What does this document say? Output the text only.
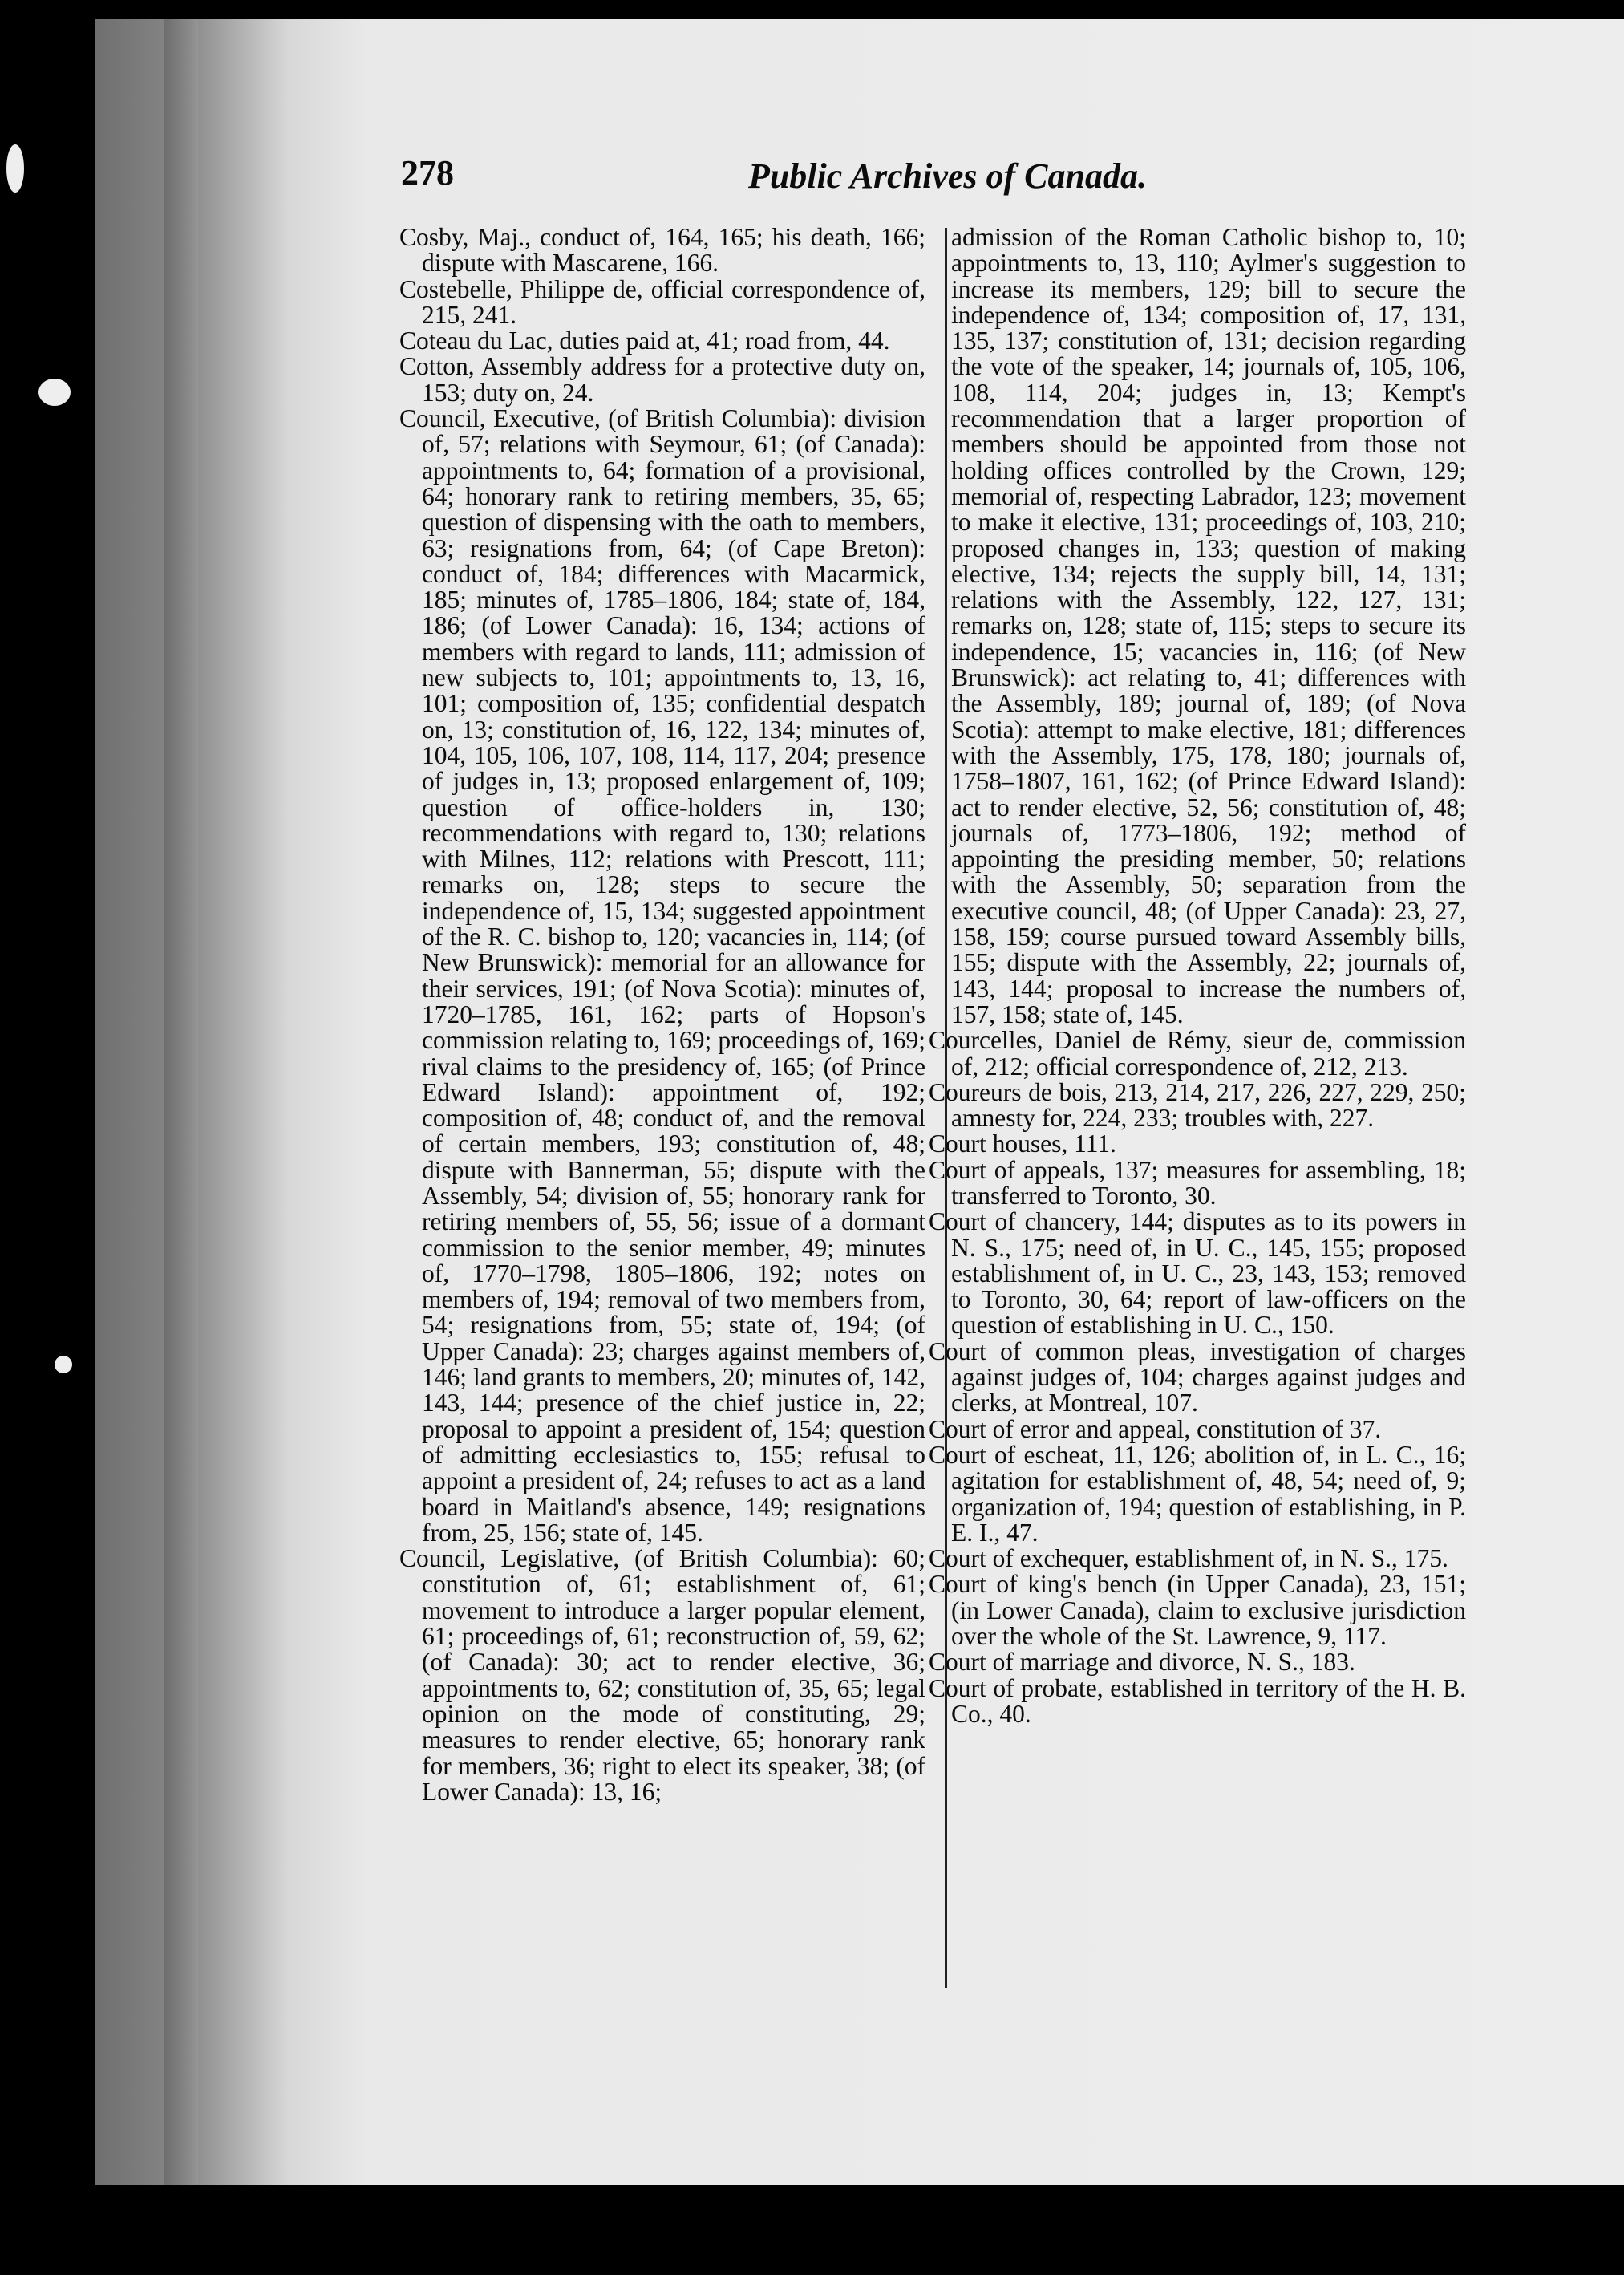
278	Public Archives of Canada.

Cosby, Maj., conduct of, 164, 165; his death, 166; dispute with Mascarene, 166.

Costebelle, Philippe de, official correspondence of, 215, 241.

Coteau du Lac, duties paid at, 41; road from, 44.

Cotton, Assembly address for a protective duty on, 153; duty on, 24.

Council, Executive, (of British Columbia): division of, 57; relations with Seymour, 61; (of Canada): appointments to, 64; formation of a provisional, 64; honorary rank to retiring members, 35, 65; question of dispensing with the oath to members, 63; resignations from, 64; (of Cape Breton): conduct of, 184; differences with Macarmick, 185; minutes of, 1785–1806, 184; state of, 184, 186; (of Lower Canada): 16, 134; actions of members with regard to lands, 111; admission of new subjects to, 101; appointments to, 13, 16, 101; composition of, 135; confidential despatch on, 13; constitution of, 16, 122, 134; minutes of, 104, 105, 106, 107, 108, 114, 117, 204; presence of judges in, 13; proposed enlargement of, 109; question of office-holders in, 130; recommendations with regard to, 130; relations with Milnes, 112; relations with Prescott, 111; remarks on, 128; steps to secure the independence of, 15, 134; suggested appointment of the R. C. bishop to, 120; vacancies in, 114; (of New Brunswick): memorial for an allowance for their services, 191; (of Nova Scotia): minutes of, 1720–1785, 161, 162; parts of Hopson's commission relating to, 169; proceedings of, 169; rival claims to the presidency of, 165; (of Prince Edward Island): appointment of, 192; composition of, 48; conduct of, and the removal of certain members, 193; constitution of, 48; dispute with Bannerman, 55; dispute with the Assembly, 54; division of, 55; honorary rank for retiring members of, 55, 56; issue of a dormant commission to the senior member, 49; minutes of, 1770–1798, 1805–1806, 192; notes on members of, 194; removal of two members from, 54; resignations from, 55; state of, 194; (of Upper Canada): 23; charges against members of, 146; land grants to members, 20; minutes of, 142, 143, 144; presence of the chief justice in, 22; proposal to appoint a president of, 154; question of admitting ecclesiastics to, 155; refusal to appoint a president of, 24; refuses to act as a land board in Maitland's absence, 149; resignations from, 25, 156; state of, 145.

Council, Legislative, (of British Columbia): 60; constitution of, 61; establishment of, 61; movement to introduce a larger popular element, 61; proceedings of, 61; reconstruction of, 59, 62; (of Canada): 30; act to render elective, 36; appointments to, 62; constitution of, 35, 65; legal opinion on the mode of constituting, 29; measures to render elective, 65; honorary rank for members, 36; right to elect its speaker, 38; (of Lower Canada): 13, 16;

admission of the Roman Catholic bishop to, 10; appointments to, 13, 110; Aylmer's suggestion to increase its members, 129; bill to secure the independence of, 134; composition of, 17, 131, 135, 137; constitution of, 131; decision regarding the vote of the speaker, 14; journals of, 105, 106, 108, 114, 204; judges in, 13; Kempt's recommendation that a larger proportion of members should be appointed from those not holding offices controlled by the Crown, 129; memorial of, respecting Labrador, 123; movement to make it elective, 131; proceedings of, 103, 210; proposed changes in, 133; question of making elective, 134; rejects the supply bill, 14, 131; relations with the Assembly, 122, 127, 131; remarks on, 128; state of, 115; steps to secure its independence, 15; vacancies in, 116; (of New Brunswick): act relating to, 41; differences with the Assembly, 189; journal of, 189; (of Nova Scotia): attempt to make elective, 181; differences with the Assembly, 175, 178, 180; journals of, 1758–1807, 161, 162; (of Prince Edward Island): act to render elective, 52, 56; constitution of, 48; journals of, 1773–1806, 192; method of appointing the presiding member, 50; relations with the Assembly, 50; separation from the executive council, 48; (of Upper Canada): 23, 27, 158, 159; course pursued toward Assembly bills, 155; dispute with the Assembly, 22; journals of, 143, 144; proposal to increase the numbers of, 157, 158; state of, 145.

Courcelles, Daniel de Rémy, sieur de, commission of, 212; official correspondence of, 212, 213.

Coureurs de bois, 213, 214, 217, 226, 227, 229, 250; amnesty for, 224, 233; troubles with, 227.

Court houses, 111.

Court of appeals, 137; measures for assembling, 18; transferred to Toronto, 30.

Court of chancery, 144; disputes as to its powers in N. S., 175; need of, in U. C., 145, 155; proposed establishment of, in U. C., 23, 143, 153; removed to Toronto, 30, 64; report of law-officers on the question of establishing in U. C., 150.

Court of common pleas, investigation of charges against judges of, 104; charges against judges and clerks, at Montreal, 107.

Court of error and appeal, constitution of 37.

Court of escheat, 11, 126; abolition of, in L. C., 16; agitation for establishment of, 48, 54; need of, 9; organization of, 194; question of establishing, in P. E. I., 47.

Court of exchequer, establishment of, in N. S., 175.

Court of king's bench (in Upper Canada), 23, 151; (in Lower Canada), claim to exclusive jurisdiction over the whole of the St. Lawrence, 9, 117.

Court of marriage and divorce, N. S., 183.

Court of probate, established in territory of the H. B. Co., 40.
